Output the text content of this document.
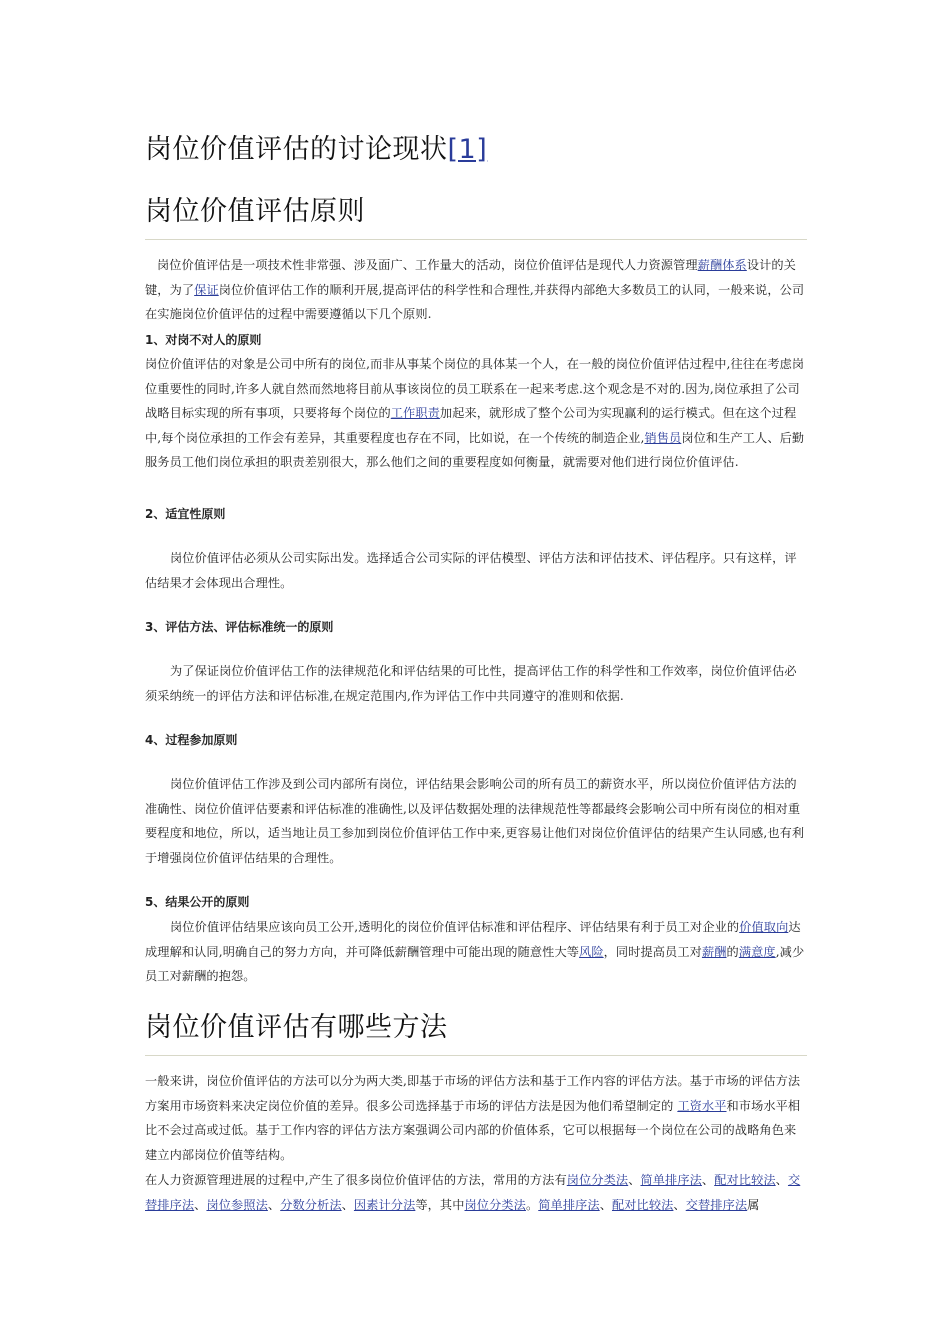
岗位价值评估的讨论现状[1]
岗位价值评估原则
岗位价值评估是一项技术性非常强、涉及面广、工作量大的活动，岗位价值评估是现代人力资源管理薪酬体系设计的关键，为了保证岗位价值评估工作的顺利开展,提高评估的科学性和合理性,并获得内部绝大多数员工的认同，一般来说，公司在实施岗位价值评估的过程中需要遵循以下几个原则.
1、对岗不对人的原则
岗位价值评估的对象是公司中所有的岗位,而非从事某个岗位的具体某一个人，在一般的岗位价值评估过程中,往往在考虑岗位重要性的同时,许多人就自然而然地将目前从事该岗位的员工联系在一起来考虑.这个观念是不对的.因为,岗位承担了公司战略目标实现的所有事项，只要将每个岗位的工作职责加起来，就形成了整个公司为实现赢利的运行模式。但在这个过程中,每个岗位承担的工作会有差异，其重要程度也存在不同，比如说，在一个传统的制造企业,销售员岗位和生产工人、后勤服务员工他们岗位承担的职责差别很大，那么他们之间的重要程度如何衡量，就需要对他们进行岗位价值评估.
2、适宜性原则
岗位价值评估必须从公司实际出发。选择适合公司实际的评估模型、评估方法和评估技术、评估程序。只有这样，评估结果才会体现出合理性。
3、评估方法、评估标准统一的原则
为了保证岗位价值评估工作的法律规范化和评估结果的可比性，提高评估工作的科学性和工作效率，岗位价值评估必须采纳统一的评估方法和评估标准,在规定范围内,作为评估工作中共同遵守的准则和依据.
4、过程参加原则
岗位价值评估工作涉及到公司内部所有岗位，评估结果会影响公司的所有员工的薪资水平，所以岗位价值评估方法的准确性、岗位价值评估要素和评估标准的准确性,以及评估数据处理的法律规范性等都最终会影响公司中所有岗位的相对重要程度和地位，所以，适当地让员工参加到岗位价值评估工作中来,更容易让他们对岗位价值评估的结果产生认同感,也有利于增强岗位价值评估结果的合理性。
5、结果公开的原则
岗位价值评估结果应该向员工公开,透明化的岗位价值评估标准和评估程序、评估结果有利于员工对企业的价值取向达成理解和认同,明确自己的努力方向，并可降低薪酬管理中可能出现的随意性大等风险，同时提高员工对薪酬的满意度,减少员工对薪酬的抱怨。
岗位价值评估有哪些方法
一般来讲，岗位价值评估的方法可以分为两大类,即基于市场的评估方法和基于工作内容的评估方法。基于市场的评估方法方案用市场资料来决定岗位价值的差异。很多公司选择基于市场的评估方法是因为他们希望制定的 工资水平和市场水平相比不会过高或过低。基于工作内容的评估方法方案强调公司内部的价值体系，它可以根据每一个岗位在公司的战略角色来建立内部岗位价值等结构。
在人力资源管理进展的过程中,产生了很多岗位价值评估的方法，常用的方法有岗位分类法、简单排序法、配对比较法、交替排序法、岗位参照法、分数分析法、因素计分法等，其中岗位分类法。简单排序法、配对比较法、交替排序法属
